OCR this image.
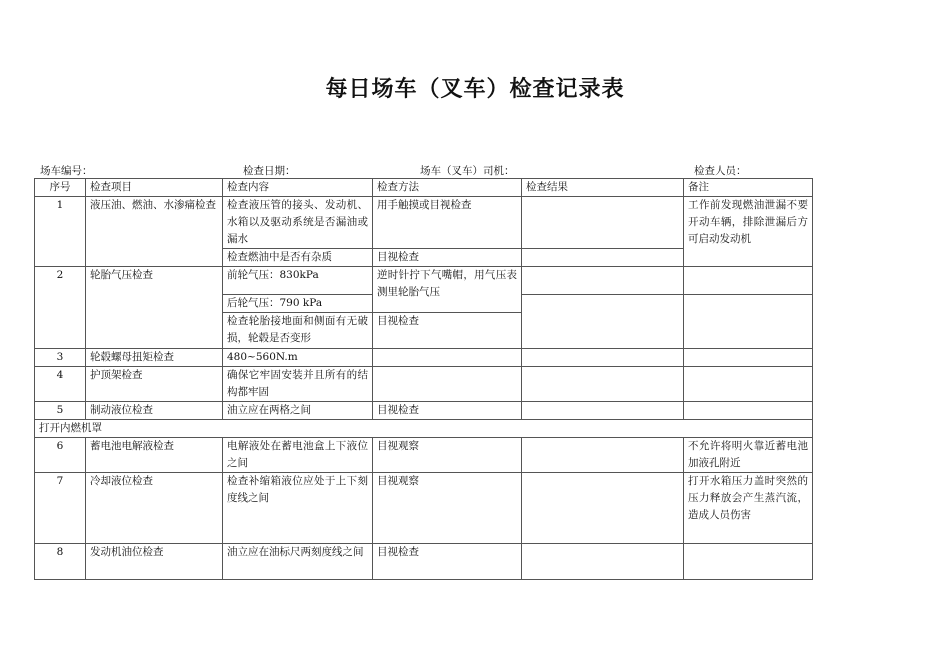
每日场车（叉车）检查记录表
场车编号：	检查日期：	场车（叉车）司机：	检查人员：
序号	检查项目	检查内容	检查方法	检查结果	备注
1	液压油、燃油、水渗痛检查	检查液压管的接头、发动机、水箱以及驱动系统是否漏油或漏水	用手触摸或目视检查		工作前发现燃油泄漏不要开动车辆，排除泄漏后方可启动发动机
		检查燃油中是否有杂质	目视检查		
2	轮胎气压检查	前轮气压：830kPa	逆时针拧下气嘴帽，用气压表测里轮胎气压		
		后轮气压：790 kPa			
		检查轮胎接地面和侧面有无破损，轮毂是否变形	目视检查		
3	轮毂螺母扭矩检查	480~560N.m			
4	护顶架检查	确保它牢固安装并且所有的结构都牢固			
5	制动液位检查	油立应在两格之间	目视检查		
打开内燃机罩					
6	蓄电池电解液检查	电解液处在蓄电池盒上下液位之间	目视观察		不允许将明火靠近蓄电池加液孔附近
7	冷却液位检查	检查补缩箱液位应处于上下刻度线之间	目视观察		打开水箱压力盖时突然的压力释放会产生蒸汽流，造成人员伤害
8	发动机油位检查	油立应在油标尺两刻度线之间	目视检查		
